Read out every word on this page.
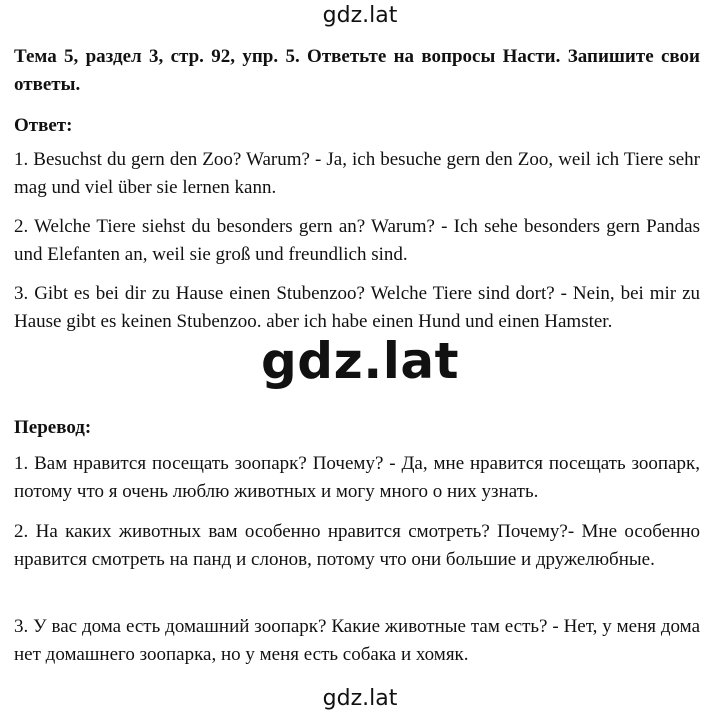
gdz.lat

Тема 5, раздел 3, стр. 92, упр. 5. Ответьте на вопросы Насти. Запишите свои ответы.

Ответ:

1. Besuchst du gern den Zoo? Warum? - Ja, ich besuche gern den Zoo, weil ich Tiere sehr mag und viel über sie lernen kann.

2. Welche Tiere siehst du besonders gern an? Warum? - Ich sehe besonders gern Pandas und Elefanten an, weil sie groß und freundlich sind.

3. Gibt es bei dir zu Hause einen Stubenzoo? Welche Tiere sind dort? - Nein, bei mir zu Hause gibt es keinen Stubenzoo. aber ich habe einen Hund und einen Hamster.

gdz.lat

Перевод:

1. Вам нравится посещать зоопарк? Почему? - Да, мне нравится посещать зоопарк, потому что я очень люблю животных и могу много о них узнать.

2. На каких животных вам особенно нравится смотреть? Почему?- Мне особенно нравится смотреть на панд и слонов, потому что они большие и дружелюбные.

3. У вас дома есть домашний зоопарк? Какие животные там есть? - Нет, у меня дома нет домашнего зоопарка, но у меня есть собака и хомяк.

gdz.lat
